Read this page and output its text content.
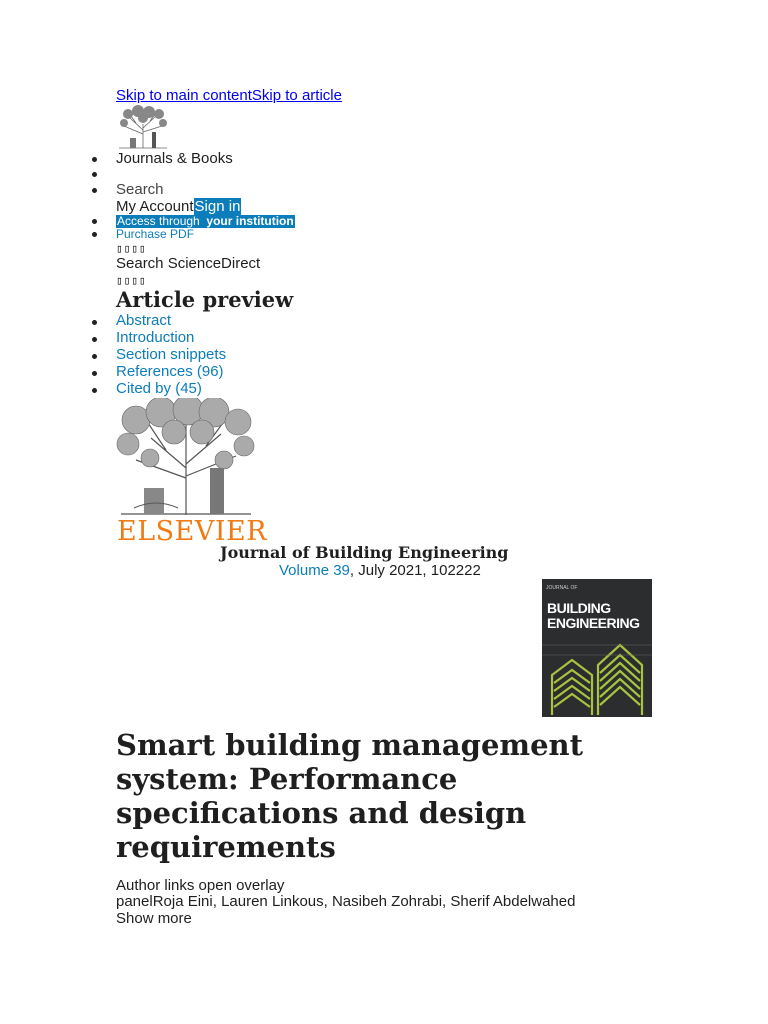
Skip to main contentSkip to article
Journals & Books
Search
My AccountSign in
Access through your institution
Purchase PDF
▯▯▯▯
Search ScienceDirect
▯▯▯▯
Article preview
Abstract
Introduction
Section snippets
References (96)
Cited by (45)
ELSEVIER
Journal of Building Engineering
Volume 39, July 2021, 102222
JOURNAL OF
BUILDING
ENGINEERING
Smart building management system: Performance specifications and design requirements
Author links open overlay
panelRoja Eini, Lauren Linkous, Nasibeh Zohrabi, Sherif Abdelwahed
Show more
